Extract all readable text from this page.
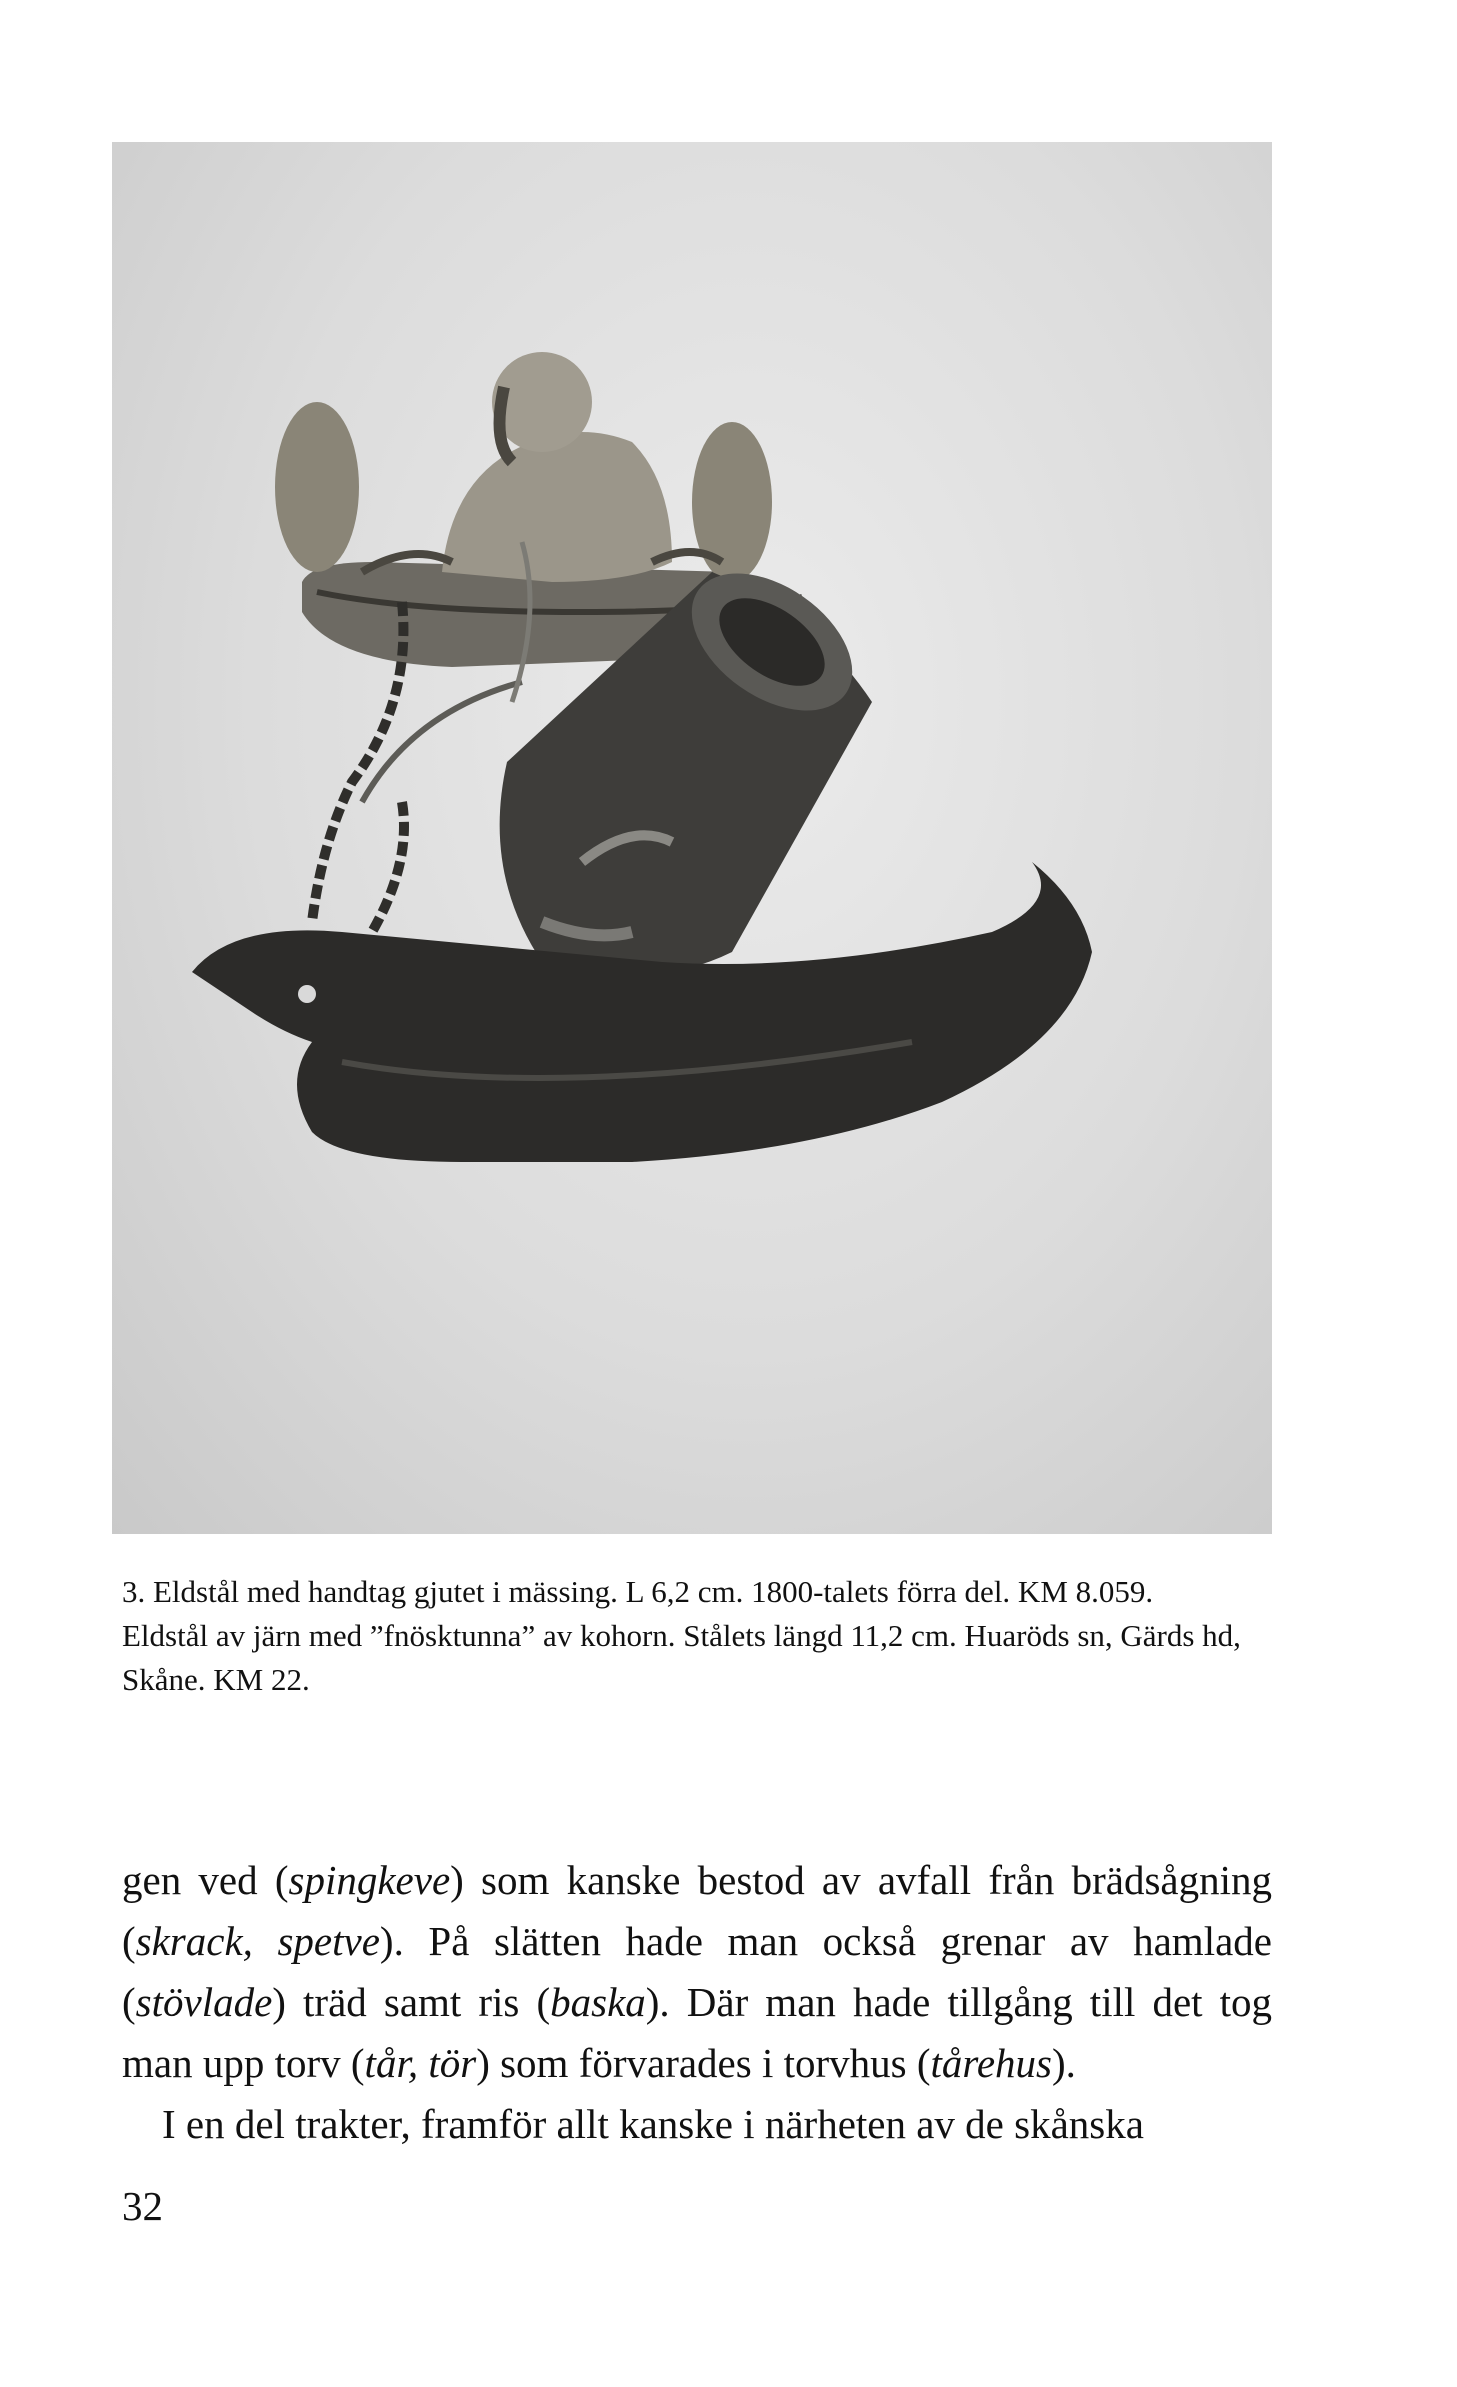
3. Eldstål med handtag gjutet i mässing. L 6,2 cm. 1800-talets förra del. KM 8.059.

Eldstål av järn med ”fnösktunna” av kohorn. Stålets längd 11,2 cm. Huaröds sn, Gärds hd, Skåne. KM 22.

gen ved (spingkeve) som kanske bestod av avfall från brädsågning (skrack, spetve). På slätten hade man också grenar av hamlade (stövlade) träd samt ris (baska). Där man hade tillgång till det tog man upp torv (tår, tör) som förvarades i torvhus (tårehus).

I en del trakter, framför allt kanske i närheten av de skånska

32
